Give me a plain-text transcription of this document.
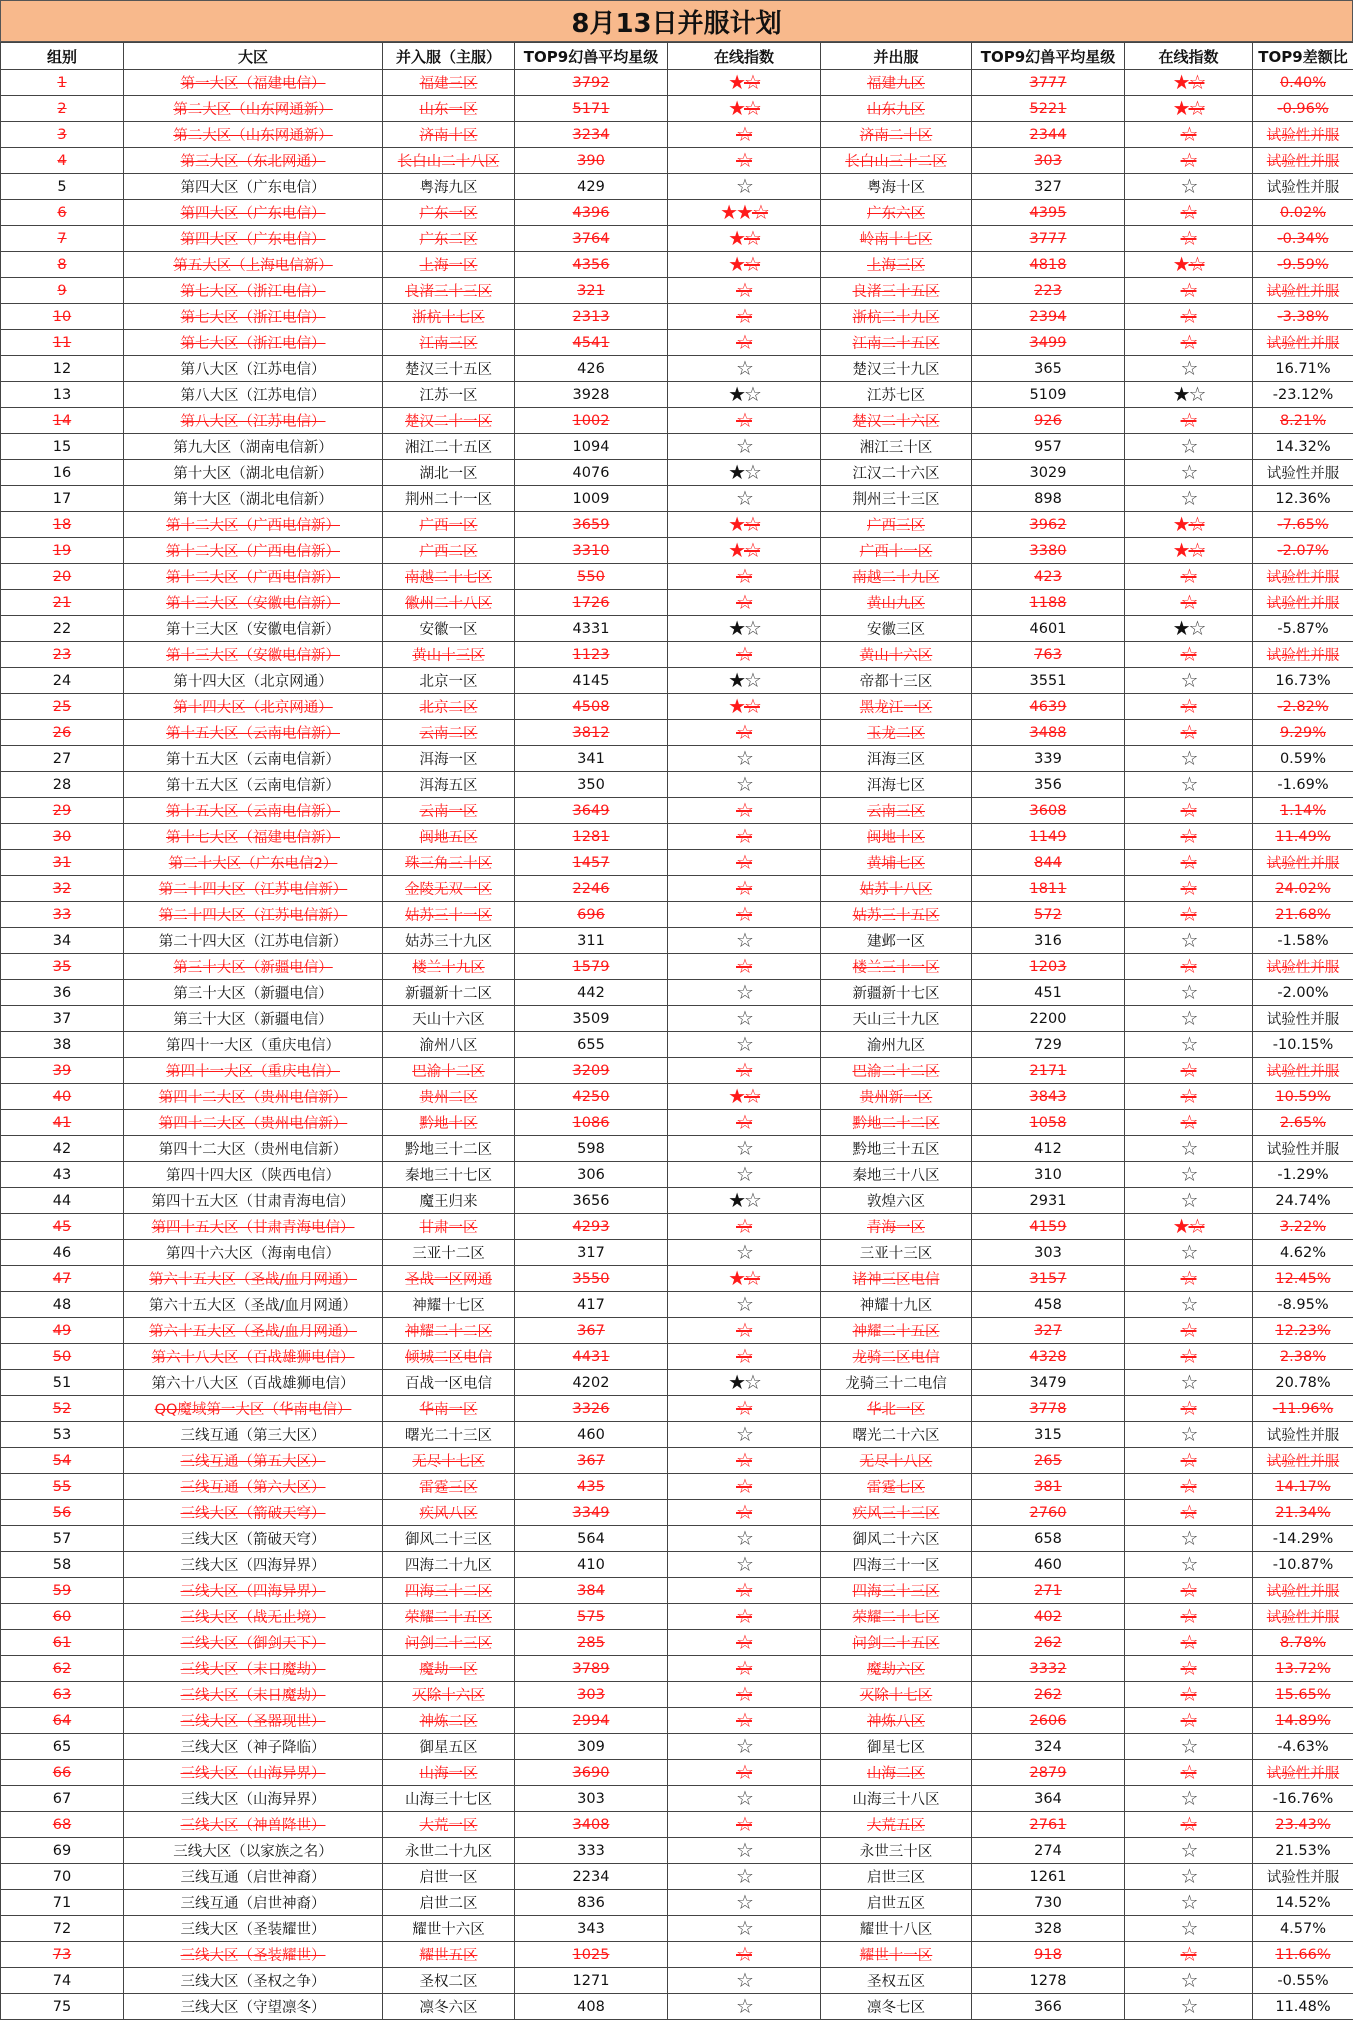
8月13日并服计划
组别	大区	并入服（主服）	TOP9幻兽平均星级	在线指数	并出服	TOP9幻兽平均星级	在线指数	TOP9差额比
1	第一大区（福建电信）	福建三区	3792	★☆	福建九区	3777	★☆	0.40%
2	第二大区（山东网通新）	山东一区	5171	★☆	山东九区	5221	★☆	-0.96%
3	第二大区（山东网通新）	济南十区	3234	☆	济南二十区	2344	☆	试验性并服
4	第三大区（东北网通）	长白山二十八区	390	☆	长白山三十二区	303	☆	试验性并服
5	第四大区（广东电信）	粤海九区	429	☆	粤海十区	327	☆	试验性并服
6	第四大区（广东电信）	广东一区	4396	★★☆	广东六区	4395	☆	0.02%
7	第四大区（广东电信）	广东二区	3764	★☆	岭南十七区	3777	☆	-0.34%
8	第五大区（上海电信新）	上海一区	4356	★☆	上海三区	4818	★☆	-9.59%
9	第七大区（浙江电信）	良渚三十三区	321	☆	良渚三十五区	223	☆	试验性并服
10	第七大区（浙江电信）	浙杭十七区	2313	☆	浙杭二十九区	2394	☆	-3.38%
11	第七大区（浙江电信）	江南三区	4541	☆	江南二十五区	3499	☆	试验性并服
12	第八大区（江苏电信）	楚汉三十五区	426	☆	楚汉三十九区	365	☆	16.71%
13	第八大区（江苏电信）	江苏一区	3928	★☆	江苏七区	5109	★☆	-23.12%
14	第八大区（江苏电信）	楚汉二十一区	1002	☆	楚汉二十六区	926	☆	8.21%
15	第九大区（湖南电信新）	湘江二十五区	1094	☆	湘江三十区	957	☆	14.32%
16	第十大区（湖北电信新）	湖北一区	4076	★☆	江汉二十六区	3029	☆	试验性并服
17	第十大区（湖北电信新）	荆州二十一区	1009	☆	荆州三十三区	898	☆	12.36%
18	第十二大区（广西电信新）	广西一区	3659	★☆	广西三区	3962	★☆	-7.65%
19	第十二大区（广西电信新）	广西二区	3310	★☆	广西十一区	3380	★☆	-2.07%
20	第十二大区（广西电信新）	南越二十七区	550	☆	南越二十九区	423	☆	试验性并服
21	第十三大区（安徽电信新）	徽州二十八区	1726	☆	黄山九区	1188	☆	试验性并服
22	第十三大区（安徽电信新）	安徽一区	4331	★☆	安徽三区	4601	★☆	-5.87%
23	第十三大区（安徽电信新）	黄山十三区	1123	☆	黄山十六区	763	☆	试验性并服
24	第十四大区（北京网通）	北京一区	4145	★☆	帝都十三区	3551	☆	16.73%
25	第十四大区（北京网通）	北京二区	4508	★☆	黑龙江一区	4639	☆	-2.82%
26	第十五大区（云南电信新）	云南二区	3812	☆	玉龙二区	3488	☆	9.29%
27	第十五大区（云南电信新）	洱海一区	341	☆	洱海三区	339	☆	0.59%
28	第十五大区（云南电信新）	洱海五区	350	☆	洱海七区	356	☆	-1.69%
29	第十五大区（云南电信新）	云南一区	3649	☆	云南三区	3608	☆	1.14%
30	第十七大区（福建电信新）	闽地五区	1281	☆	闽地十区	1149	☆	11.49%
31	第二十大区（广东电信2）	珠三角三十区	1457	☆	黄埔七区	844	☆	试验性并服
32	第二十四大区（江苏电信新）	金陵无双一区	2246	☆	姑苏十八区	1811	☆	24.02%
33	第二十四大区（江苏电信新）	姑苏三十一区	696	☆	姑苏三十五区	572	☆	21.68%
34	第二十四大区（江苏电信新）	姑苏三十九区	311	☆	建邺一区	316	☆	-1.58%
35	第三十大区（新疆电信）	楼兰十九区	1579	☆	楼兰三十一区	1203	☆	试验性并服
36	第三十大区（新疆电信）	新疆新十二区	442	☆	新疆新十七区	451	☆	-2.00%
37	第三十大区（新疆电信）	天山十六区	3509	☆	天山三十九区	2200	☆	试验性并服
38	第四十一大区（重庆电信）	渝州八区	655	☆	渝州九区	729	☆	-10.15%
39	第四十一大区（重庆电信）	巴渝十二区	3209	☆	巴渝二十二区	2171	☆	试验性并服
40	第四十二大区（贵州电信新）	贵州二区	4250	★☆	贵州新一区	3843	☆	10.59%
41	第四十二大区（贵州电信新）	黔地十区	1086	☆	黔地二十二区	1058	☆	2.65%
42	第四十二大区（贵州电信新）	黔地三十二区	598	☆	黔地三十五区	412	☆	试验性并服
43	第四十四大区（陕西电信）	秦地三十七区	306	☆	秦地三十八区	310	☆	-1.29%
44	第四十五大区（甘肃青海电信）	魔王归来	3656	★☆	敦煌六区	2931	☆	24.74%
45	第四十五大区（甘肃青海电信）	甘肃一区	4293	☆	青海一区	4159	★☆	3.22%
46	第四十六大区（海南电信）	三亚十二区	317	☆	三亚十三区	303	☆	4.62%
47	第六十五大区（圣战/血月网通）	圣战一区网通	3550	★☆	诸神三区电信	3157	☆	12.45%
48	第六十五大区（圣战/血月网通）	神耀十七区	417	☆	神耀十九区	458	☆	-8.95%
49	第六十五大区（圣战/血月网通）	神耀二十二区	367	☆	神耀二十五区	327	☆	12.23%
50	第六十八大区（百战雄狮电信）	倾城二区电信	4431	☆	龙骑二区电信	4328	☆	2.38%
51	第六十八大区（百战雄狮电信）	百战一区电信	4202	★☆	龙骑三十二电信	3479	☆	20.78%
52	QQ魔域第一大区（华南电信）	华南一区	3326	☆	华北一区	3778	☆	-11.96%
53	三线互通（第三大区）	曙光二十三区	460	☆	曙光二十六区	315	☆	试验性并服
54	三线互通（第五大区）	无尽十七区	367	☆	无尽十八区	265	☆	试验性并服
55	三线互通（第六大区）	雷霆三区	435	☆	雷霆七区	381	☆	14.17%
56	三线大区（箭破天穹）	疾风八区	3349	☆	疾风三十三区	2760	☆	21.34%
57	三线大区（箭破天穹）	御风二十三区	564	☆	御风二十六区	658	☆	-14.29%
58	三线大区（四海异界）	四海二十九区	410	☆	四海三十一区	460	☆	-10.87%
59	三线大区（四海异界）	四海三十二区	384	☆	四海三十三区	271	☆	试验性并服
60	三线大区（战无止境）	荣耀二十五区	575	☆	荣耀二十七区	402	☆	试验性并服
61	三线大区（御剑天下）	问剑二十三区	285	☆	问剑二十五区	262	☆	8.78%
62	三线大区（末日魔劫）	魔劫一区	3789	☆	魔劫六区	3332	☆	13.72%
63	三线大区（末日魔劫）	灭除十六区	303	☆	灭除十七区	262	☆	15.65%
64	三线大区（圣器现世）	神炼二区	2994	☆	神炼八区	2606	☆	14.89%
65	三线大区（神子降临）	御星五区	309	☆	御星七区	324	☆	-4.63%
66	三线大区（山海异界）	山海一区	3690	☆	山海二区	2879	☆	试验性并服
67	三线大区（山海异界）	山海三十七区	303	☆	山海三十八区	364	☆	-16.76%
68	三线大区（神兽降世）	大荒一区	3408	☆	大荒五区	2761	☆	23.43%
69	三线大区（以家族之名）	永世二十九区	333	☆	永世三十区	274	☆	21.53%
70	三线互通（启世神裔）	启世一区	2234	☆	启世三区	1261	☆	试验性并服
71	三线互通（启世神裔）	启世二区	836	☆	启世五区	730	☆	14.52%
72	三线大区（圣装耀世）	耀世十六区	343	☆	耀世十八区	328	☆	4.57%
73	三线大区（圣装耀世）	耀世五区	1025	☆	耀世十一区	918	☆	11.66%
74	三线大区（圣权之争）	圣权二区	1271	☆	圣权五区	1278	☆	-0.55%
75	三线大区（守望凛冬）	凛冬六区	408	☆	凛冬七区	366	☆	11.48%
